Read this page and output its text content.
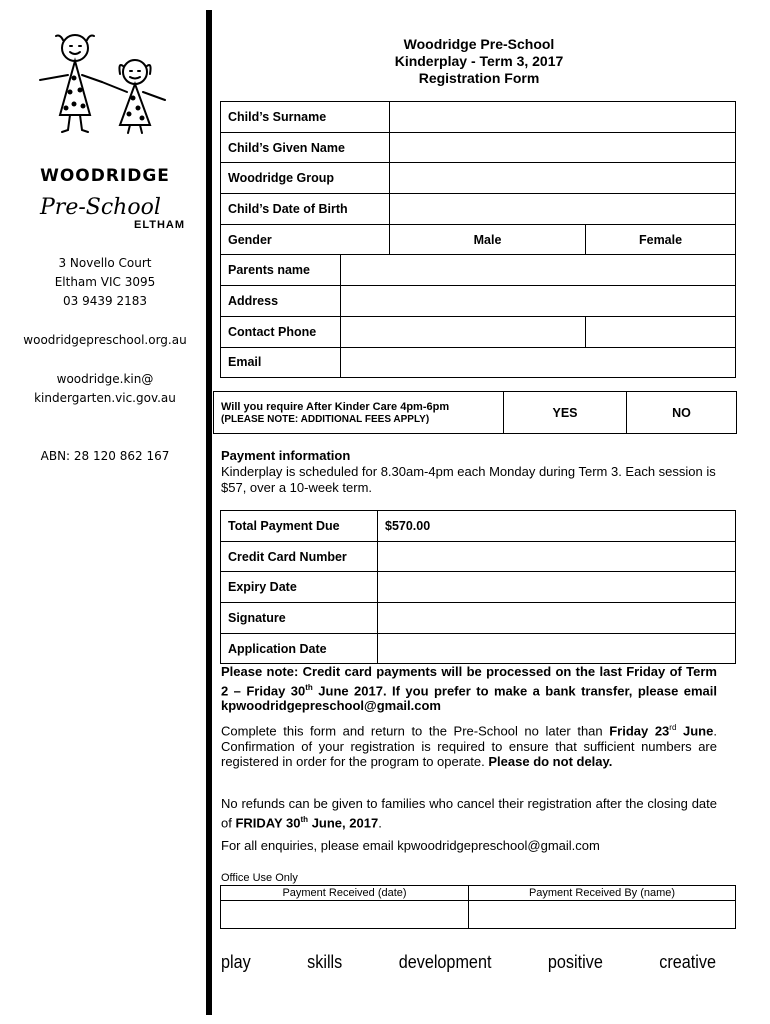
WOODRIDGE
Pre-School
ELTHAM
3 Novello Court
Eltham VIC 3095
03 9439 2183
woodridgepreschool.org.au
woodridge.kin@
kindergarten.vic.gov.au
ABN: 28 120 862 167
Woodridge Pre-School
Kinderplay - Term 3, 2017
Registration Form
Child’s Surname			
Child’s Given Name			
Woodridge Group			
Child’s Date of Birth			
Gender		Male	Female
Parents name			
Address			
Contact Phone			
Email			
Will you require After Kinder Care 4pm-6pm
(PLEASE NOTE: ADDITIONAL FEES APPLY)	YES	NO
Payment information
Kinderplay is scheduled for 8.30am-4pm each Monday during Term 3. Each session is $57, over a 10-week term.
Total Payment Due	$570.00
Credit Card Number	
Expiry Date	
Signature	
Application Date	
Please note: Credit card payments will be processed on the last Friday of Term 2 – Friday 30th June 2017. If you prefer to make a bank transfer, please email kpwoodridgepreschool@gmail.com
Complete this form and return to the Pre-School no later than Friday 23rd June. Confirmation of your registration is required to ensure that sufficient numbers are registered in order for the program to operate. Please do not delay.
No refunds can be given to families who cancel their registration after the closing date of FRIDAY 30th June, 2017.
For all enquiries, please email kpwoodridgepreschool@gmail.com
Office Use Only
Payment Received (date)	Payment Received By (name)

play	skills	development	positive	creative
